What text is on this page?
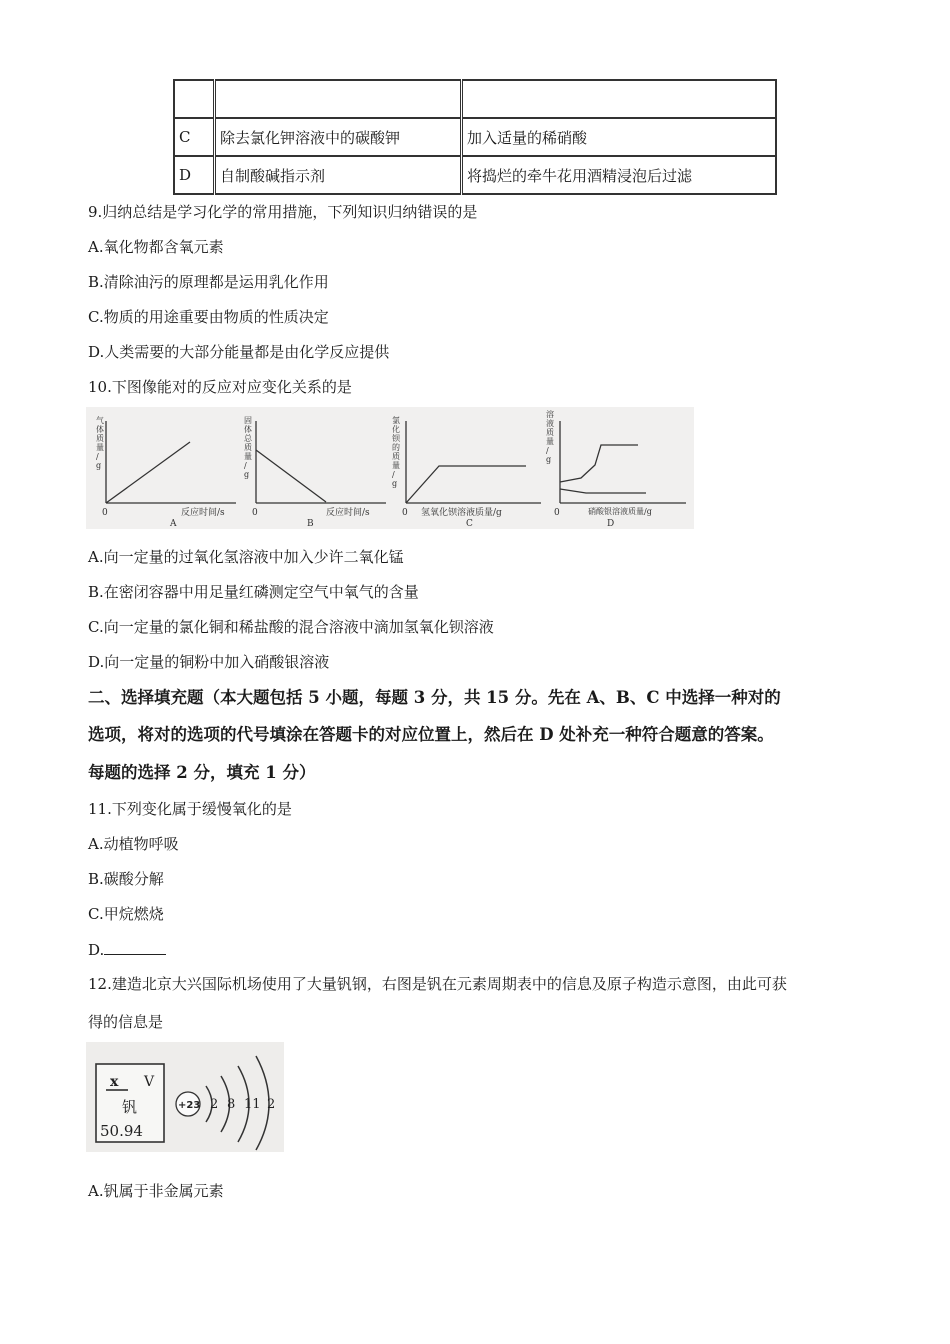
C	除去氯化钾溶液中的碳酸钾	加入适量的稀硝酸
D	自制酸碱指示剂	将捣烂的牵牛花用酒精浸泡后过滤
9.归纳总结是学习化学的常用措施，下列知识归纳错误的是
A.氧化物都含氧元素
B.清除油污的原理都是运用乳化作用
C.物质的用途重要由物质的性质决定
D.人类需要的大部分能量都是由化学反应提供
10.下图像能对的反应对应变化关系的是
气体质量/ g
固体总质量/ g
氯化钡的质量/ g
溶液质量/ g
0	0	0	0
反应时间/s	反应时间/s	氢氧化钡溶液质量/g	硝酸银溶液质量/g
A	B	C	D
A.向一定量的过氧化氢溶液中加入少许二氧化锰
B.在密闭容器中用足量红磷测定空气中氧气的含量
C.向一定量的氯化铜和稀盐酸的混合溶液中滴加氢氧化钡溶液
D.向一定量的铜粉中加入硝酸银溶液
二、选择填充题（本大题包括 5 小题，每题 3 分，共 15 分。先在 A、B、C 中选择一种对的
选项，将对的选项的代号填涂在答题卡的对应位置上，然后在 D 处补充一种符合题意的答案。
每题的选择 2 分，填充 1 分）
11.下列变化属于缓慢氧化的是
A.动植物呼吸
B.碳酸分解
C.甲烷燃烧
D.
12.建造北京大兴国际机场使用了大量钒钢，右图是钒在元素周期表中的信息及原子构造示意图，由此可获
得的信息是
x V
钒
50.94
+23 2 8 11 2
A.钒属于非金属元素
